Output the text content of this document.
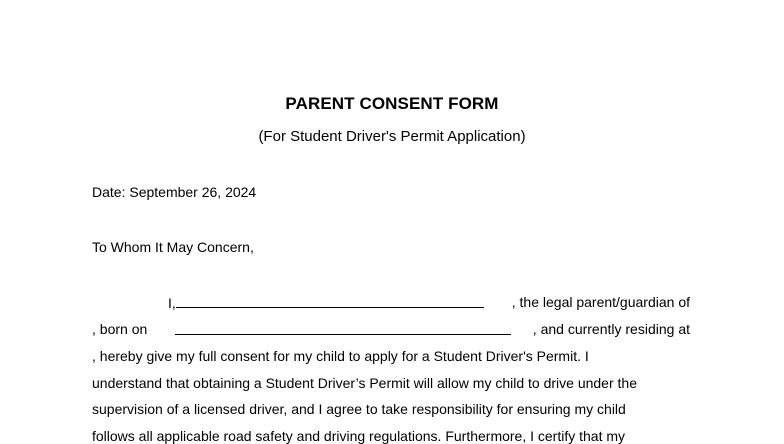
PARENT CONSENT FORM
(For Student Driver's Permit Application)
Date: September 26, 2024
To Whom It May Concern,
I,	, the legal parent/guardian of
, born on	, and currently residing at
, hereby give my full consent for my child to apply for a Student Driver's Permit. I
understand that obtaining a Student Driver’s Permit will allow my child to drive under the
supervision of a licensed driver, and I agree to take responsibility for ensuring my child
follows all applicable road safety and driving regulations. Furthermore, I certify that my
